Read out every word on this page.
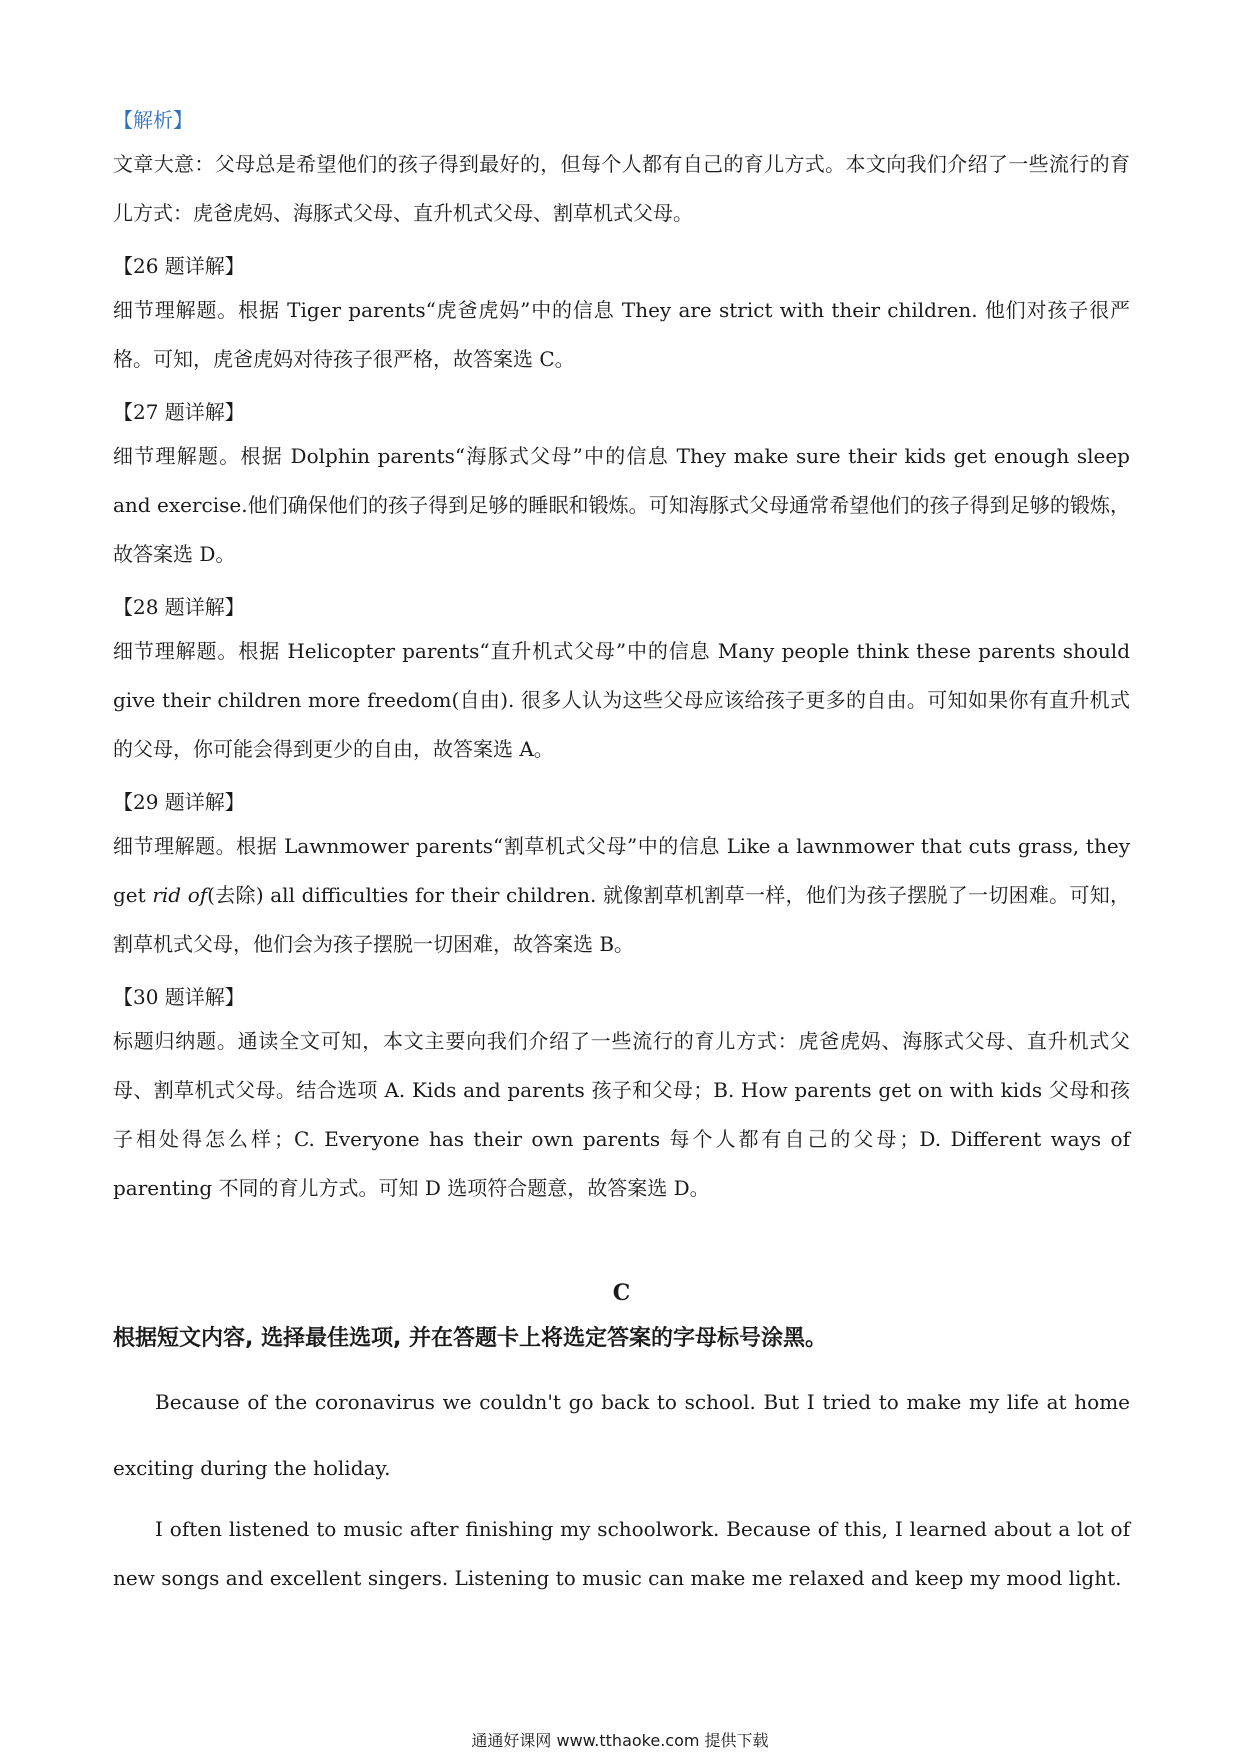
【解析】

文章大意：父母总是希望他们的孩子得到最好的，但每个人都有自己的育儿方式。本文向我们介绍了一些流行的育儿方式：虎爸虎妈、海豚式父母、直升机式父母、割草机式父母。

【26 题详解】

细节理解题。根据 Tiger parents“虎爸虎妈”中的信息 They are strict with their children. 他们对孩子很严格。可知，虎爸虎妈对待孩子很严格，故答案选 C。

【27 题详解】

细节理解题。根据 Dolphin parents“海豚式父母”中的信息 They make sure their kids get enough sleep and exercise.他们确保他们的孩子得到足够的睡眠和锻炼。可知海豚式父母通常希望他们的孩子得到足够的锻炼，故答案选 D。

【28 题详解】

细节理解题。根据 Helicopter parents“直升机式父母”中的信息 Many people think these parents should give their children more freedom(自由). 很多人认为这些父母应该给孩子更多的自由。可知如果你有直升机式的父母，你可能会得到更少的自由，故答案选 A。

【29 题详解】

细节理解题。根据 Lawnmower parents“割草机式父母”中的信息 Like a lawnmower that cuts grass, they get rid of(去除) all difficulties for their children. 就像割草机割草一样，他们为孩子摆脱了一切困难。可知，割草机式父母，他们会为孩子摆脱一切困难，故答案选 B。

【30 题详解】

标题归纳题。通读全文可知，本文主要向我们介绍了一些流行的育儿方式：虎爸虎妈、海豚式父母、直升机式父母、割草机式父母。结合选项 A. Kids and parents 孩子和父母；B. How parents get on with kids 父母和孩子相处得怎么样；C. Everyone has their own parents 每个人都有自己的父母；D. Different ways of parenting 不同的育儿方式。可知 D 选项符合题意，故答案选 D。

C
根据短文内容, 选择最佳选项, 并在答题卡上将选定答案的字母标号涂黑。

Because of the coronavirus we couldn't go back to school. But I tried to make my life at home exciting during the holiday.

I often listened to music after finishing my schoolwork. Because of this, I learned about a lot of new songs and excellent singers. Listening to music can make me relaxed and keep my mood light.

通通好课网 www.tthaoke.com 提供下载
